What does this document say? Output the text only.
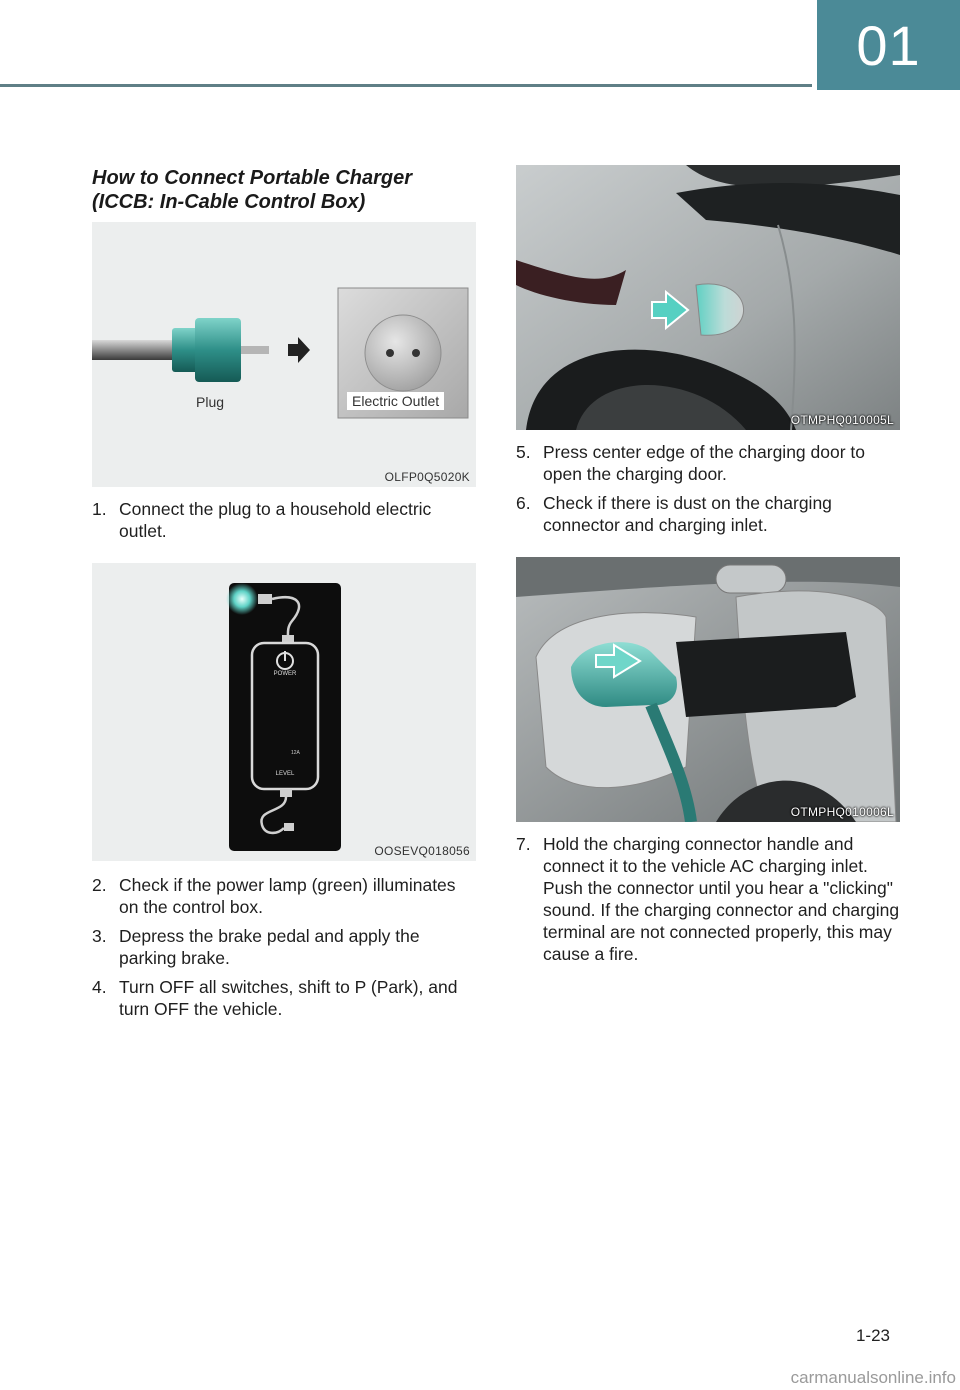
01
How to Connect Portable Charger (ICCB: In-Cable Control Box)
Plug	Electric Outlet
OLFP0Q5020K
1. Connect the plug to a household electric outlet.
POWER
12A
LEVEL
OOSEVQ018056
2. Check if the power lamp (green) illuminates on the control box.
3. Depress the brake pedal and apply the parking brake.
4. Turn OFF all switches, shift to P (Park), and turn OFF the vehicle.
OTMPHQ010005L
5. Press center edge of the charging door to open the charging door.
6. Check if there is dust on the charging connector and charging inlet.
OTMPHQ010006L
7. Hold the charging connector handle and connect it to the vehicle AC charging inlet. Push the connector until you hear a "clicking" sound. If the charging connector and charging terminal are not connected properly, this may cause a fire.
1-23
carmanualsonline.info
